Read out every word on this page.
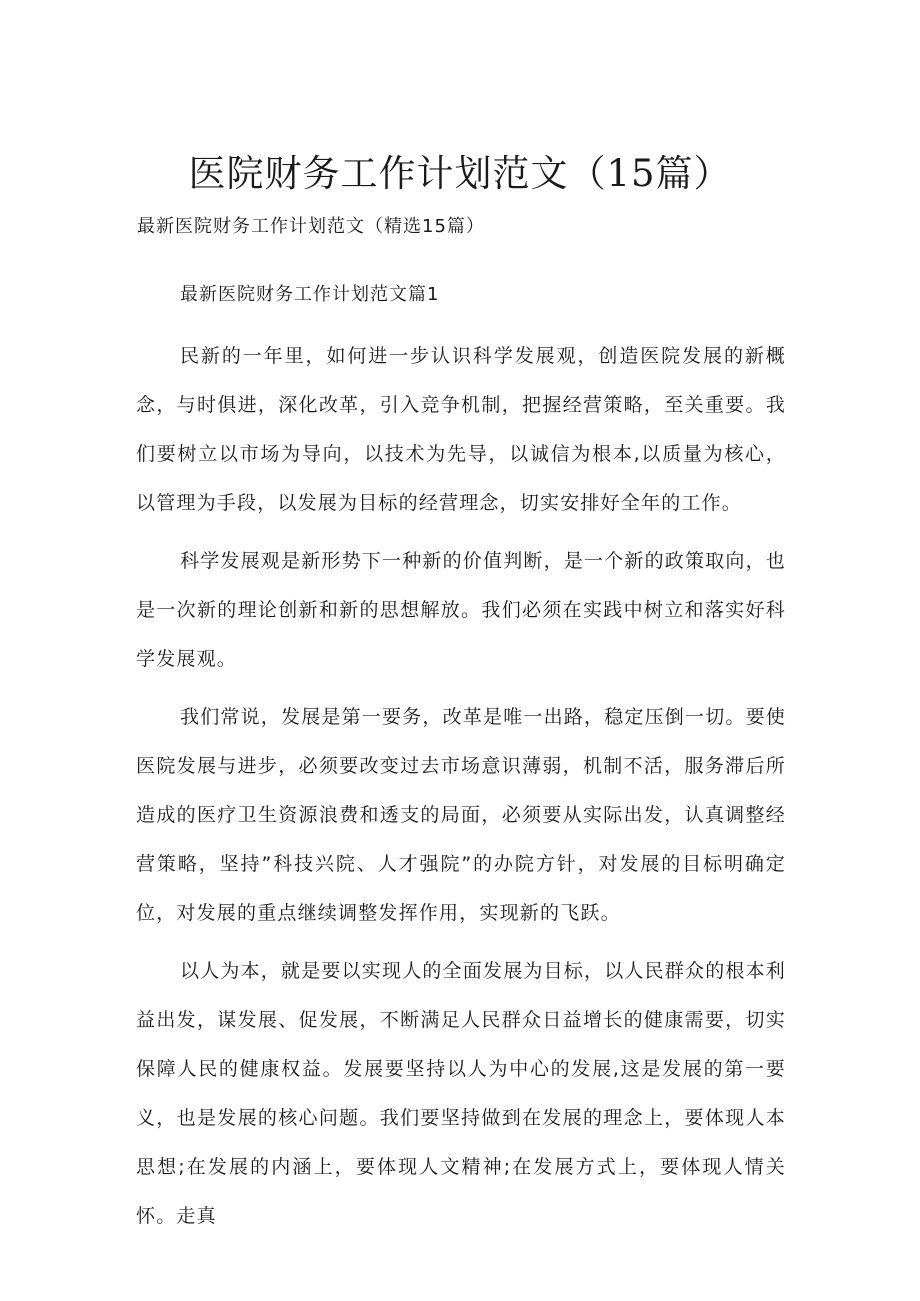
医院财务工作计划范文（15篇）

最新医院财务工作计划范文（精选15篇）

最新医院财务工作计划范文篇1

民新的一年里，如何进一步认识科学发展观，创造医院发展的新概念，与时俱进，深化改革，引入竞争机制，把握经营策略，至关重要。我们要树立以市场为导向，以技术为先导，以诚信为根本,以质量为核心，以管理为手段，以发展为目标的经营理念，切实安排好全年的工作。

科学发展观是新形势下一种新的价值判断，是一个新的政策取向，也是一次新的理论创新和新的思想解放。我们必须在实践中树立和落实好科学发展观。

我们常说，发展是第一要务，改革是唯一出路，稳定压倒一切。要使医院发展与进步，必须要改变过去市场意识薄弱，机制不活，服务滞后所造成的医疗卫生资源浪费和透支的局面，必须要从实际出发，认真调整经营策略，坚持”科技兴院、人才强院”的办院方针，对发展的目标明确定位，对发展的重点继续调整发挥作用，实现新的飞跃。

以人为本，就是要以实现人的全面发展为目标，以人民群众的根本利益出发，谋发展、促发展，不断满足人民群众日益增长的健康需要，切实保障人民的健康权益。发展要坚持以人为中心的发展,这是发展的第一要义，也是发展的核心问题。我们要坚持做到在发展的理念上，要体现人本思想;在发展的内涵上，要体现人文精神;在发展方式上，要体现人情关怀。走真
